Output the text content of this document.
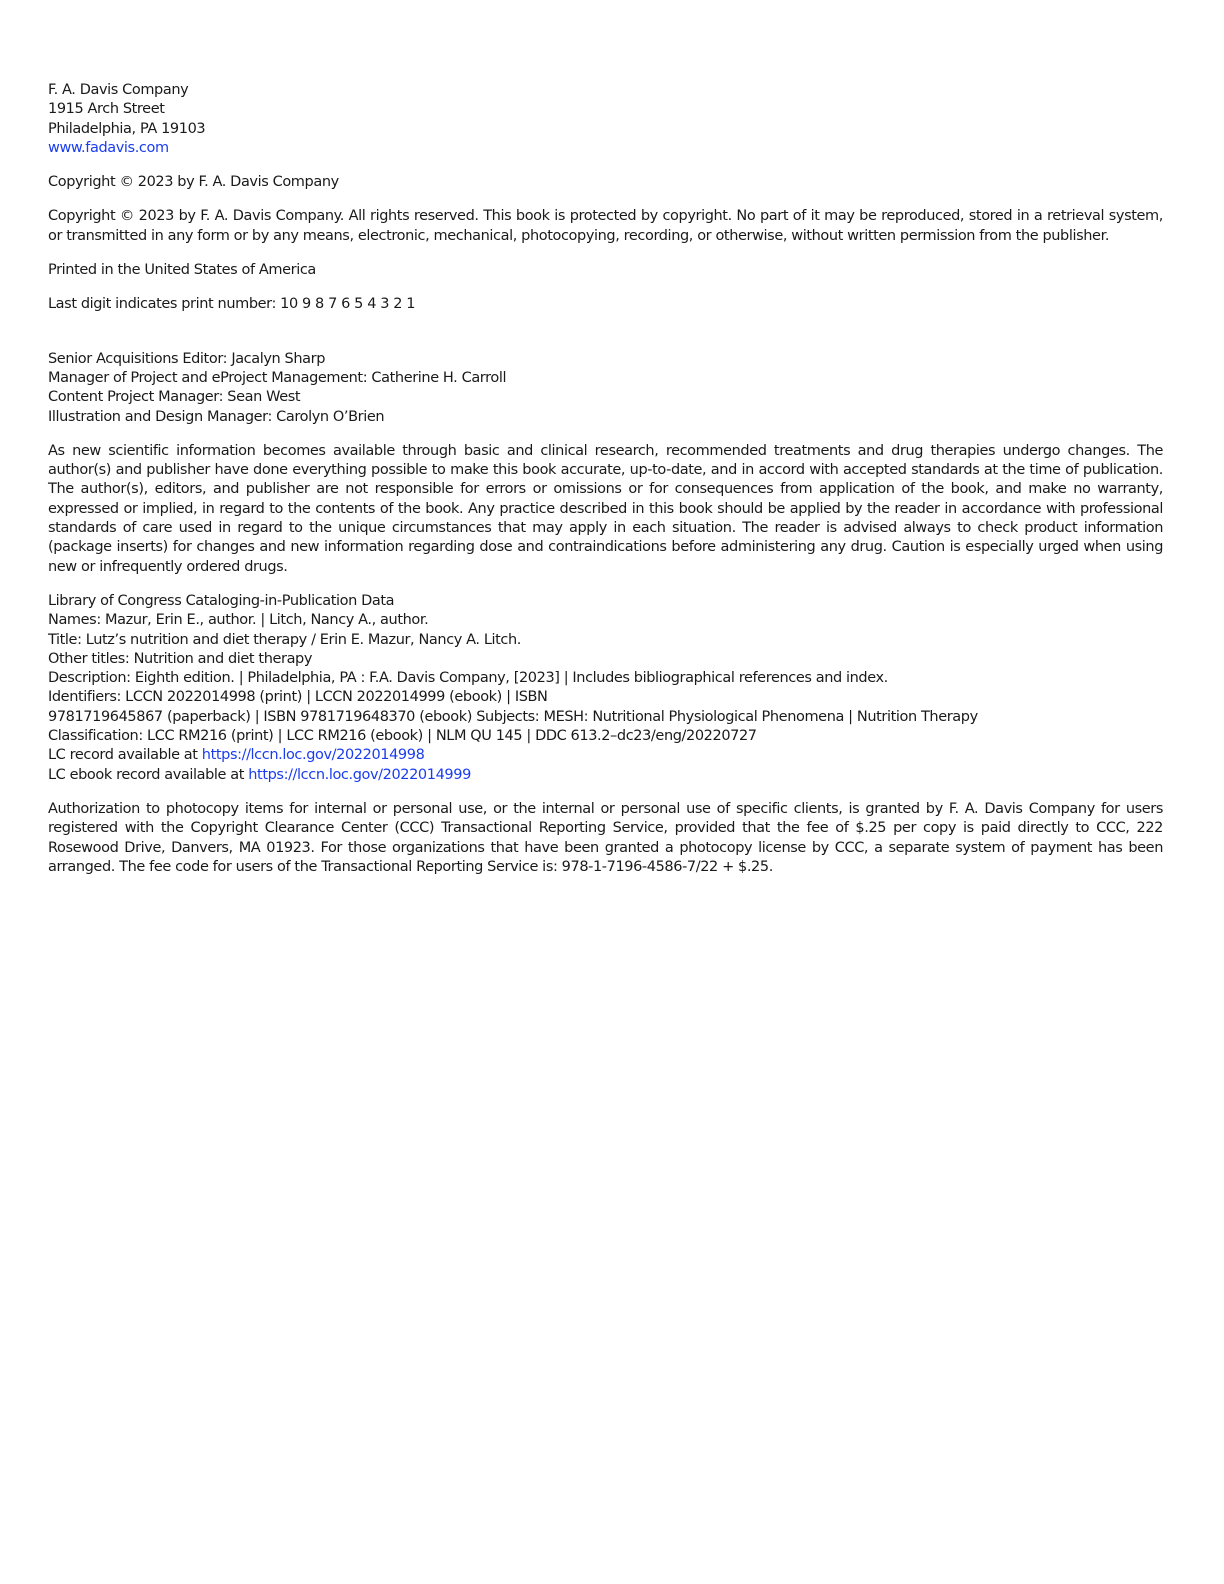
F. A. Davis Company
1915 Arch Street
Philadelphia, PA 19103
www.fadavis.com
Copyright © 2023 by F. A. Davis Company
Copyright © 2023 by F. A. Davis Company. All rights reserved. This book is protected by copyright. No part of it may be reproduced, stored in a retrieval system, or transmitted in any form or by any means, electronic, mechanical, photocopying, recording, or otherwise, without written permission from the publisher.
Printed in the United States of America
Last digit indicates print number: 10 9 8 7 6 5 4 3 2 1
Senior Acquisitions Editor: Jacalyn Sharp
Manager of Project and eProject Management: Catherine H. Carroll
Content Project Manager: Sean West
Illustration and Design Manager: Carolyn O’Brien
As new scientific information becomes available through basic and clinical research, recommended treatments and drug therapies undergo changes. The author(s) and publisher have done everything possible to make this book accurate, up-to-date, and in accord with accepted standards at the time of publication. The author(s), editors, and publisher are not responsible for errors or omissions or for consequences from application of the book, and make no warranty, expressed or implied, in regard to the contents of the book. Any practice described in this book should be applied by the reader in accordance with professional standards of care used in regard to the unique circumstances that may apply in each situation. The reader is advised always to check product information (package inserts) for changes and new information regarding dose and contraindications before administering any drug. Caution is especially urged when using new or infrequently ordered drugs.
Library of Congress Cataloging-in-Publication Data
Names: Mazur, Erin E., author. | Litch, Nancy A., author.
Title: Lutz’s nutrition and diet therapy / Erin E. Mazur, Nancy A. Litch.
Other titles: Nutrition and diet therapy
Description: Eighth edition. | Philadelphia, PA : F.A. Davis Company, [2023] | Includes bibliographical references and index.
Identifiers: LCCN 2022014998 (print) | LCCN 2022014999 (ebook) | ISBN
9781719645867 (paperback) | ISBN 9781719648370 (ebook) Subjects: MESH: Nutritional Physiological Phenomena | Nutrition Therapy
Classification: LCC RM216 (print) | LCC RM216 (ebook) | NLM QU 145 | DDC 613.2–dc23/eng/20220727
LC record available at https://lccn.loc.gov/2022014998
LC ebook record available at https://lccn.loc.gov/2022014999
Authorization to photocopy items for internal or personal use, or the internal or personal use of specific clients, is granted by F. A. Davis Company for users registered with the Copyright Clearance Center (CCC) Transactional Reporting Service, provided that the fee of $.25 per copy is paid directly to CCC, 222 Rosewood Drive, Danvers, MA 01923. For those organizations that have been granted a photocopy license by CCC, a separate system of payment has been arranged. The fee code for users of the Transactional Reporting Service is: 978-1-7196-4586-7/22 + $.25.
